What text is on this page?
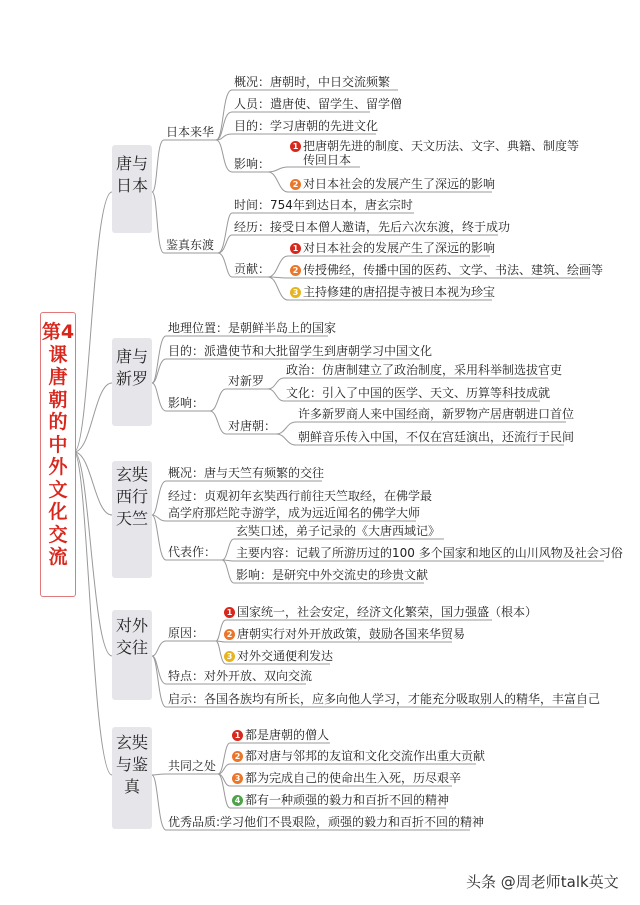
第4课唐朝的中外文化交流
唐与日本
唐与新罗
玄奘西行天竺
对外交往
玄奘与鉴真
日本来华
概况：唐朝时，中日交流频繁
人员：遣唐使、留学生、留学僧
目的：学习唐朝的先进文化
影响：
1 把唐朝先进的制度、天文历法、文字、典籍、制度等
传回日本
2 对日本社会的发展产生了深远的影响
鉴真东渡
时间：754年到达日本，唐玄宗时
经历：接受日本僧人邀请，先后六次东渡，终于成功
贡献：
1 对日本社会的发展产生了深远的影响
2 传授佛经，传播中国的医药、文学、书法、建筑、绘画等
3 主持修建的唐招提寺被日本视为珍宝
地理位置：是朝鲜半岛上的国家
目的：派遣使节和大批留学生到唐朝学习中国文化
影响：
对新罗
政治：仿唐制建立了政治制度，采用科举制选拔官吏
文化：引入了中国的医学、天文、历算等科技成就
对唐朝：
许多新罗商人来中国经商，新罗物产居唐朝进口首位
朝鲜音乐传入中国，不仅在宫廷演出，还流行于民间
概况：唐与天竺有频繁的交往
经过：贞观初年玄奘西行前往天竺取经，在佛学最
高学府那烂陀寺游学，成为远近闻名的佛学大师
代表作：
玄奘口述，弟子记录的《大唐西域记》
主要内容：记载了所游历过的100 多个国家和地区的山川风物及社会习俗
影响：是研究中外交流史的珍贵文献
原因：
1 国家统一，社会安定，经济文化繁荣，国力强盛（根本）
2 唐朝实行对外开放政策，鼓励各国来华贸易
3 对外交通便利发达
特点：对外开放、双向交流
启示：各国各族均有所长，应多向他人学习，才能充分吸取别人的精华，丰富自己
共同之处
1 都是唐朝的僧人
2 都对唐与邻邦的友谊和文化交流作出重大贡献
3 都为完成自己的使命出生入死，历尽艰辛
4 都有一种顽强的毅力和百折不回的精神
优秀品质:学习他们不畏艰险，顽强的毅力和百折不回的精神
头条 @周老师talk英文
